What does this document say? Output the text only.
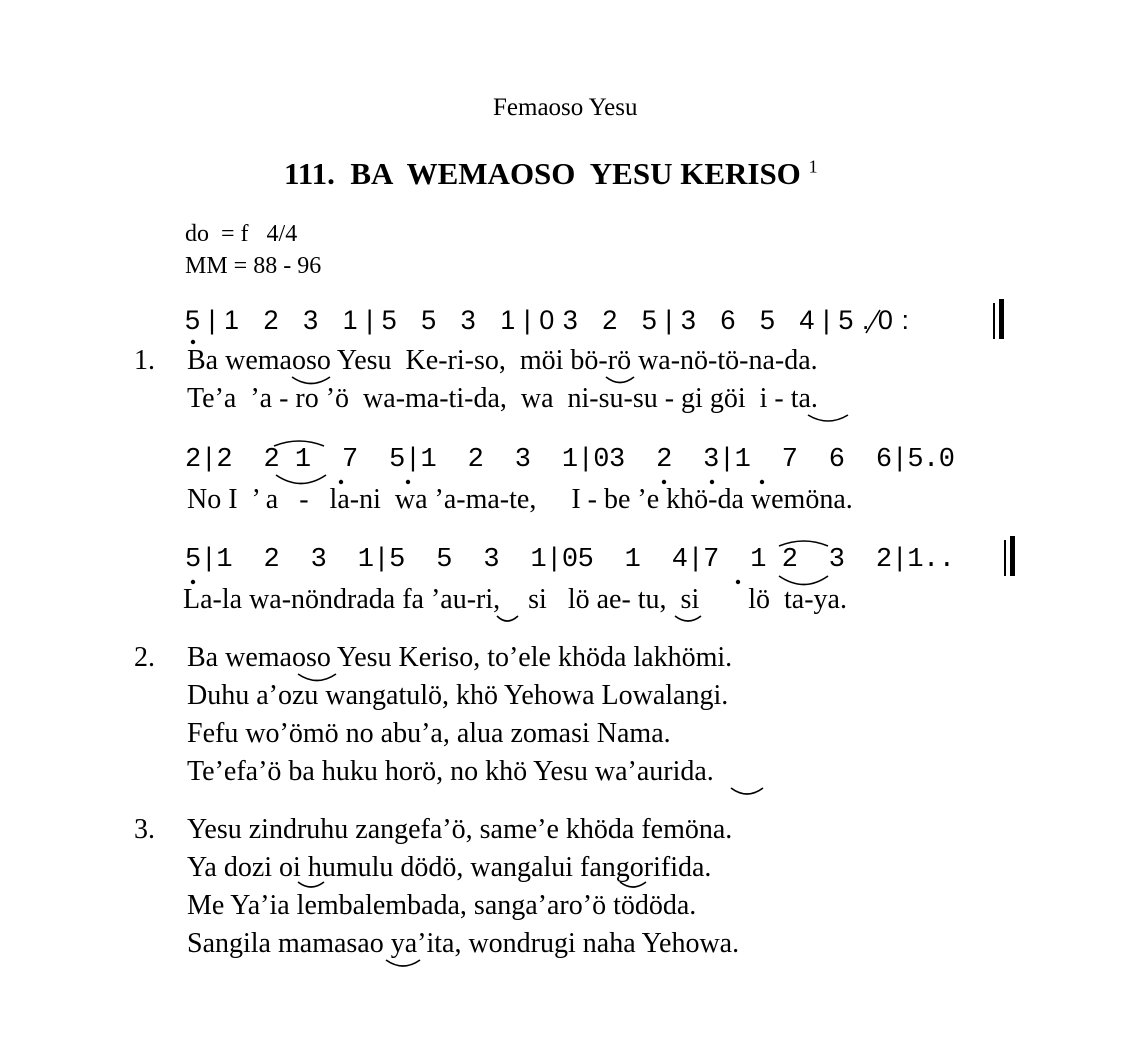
Femaoso Yesu
111.  BA  WEMAOSO  YESU KERISO $^1$
do  = f   4/4
MM = 88 - 96
5 | 1   2   3   1 | 5   5   3   1 | 0 3   2   5 | 3   6   5   4 | 5 . 0 :
1. Ba wemaoso Yesu  Ke-ri-so,  möi bö-rö wa-nö-tö-na-da.
Te’a  ’a - ro ’ö  wa-ma-ti-da,  wa  ni-su-su - gi göi  i - ta.
2|2  2 1  7  5|1  2  3  1|03  2  3|1  7  6  6|5.0
No I  ’ a   -   la-ni  wa ’a-ma-te,     I - be ’e khö-da wemöna.
5|1  2  3  1|5  5  3  1|05  1  4|7  1 2  3  2|1..
La-la wa-nöndrada fa ’au-ri,    si   lö ae- tu,  si       lö  ta-ya.
2. Ba wemaoso Yesu Keriso, to’ele khöda lakhömi.
Duhu a’ozu wangatulö, khö Yehowa Lowalangi.
Fefu wo’ömö no abu’a, alua zomasi Nama.
Te’efa’ö ba huku horö, no khö Yesu wa’aurida.
3. Yesu zindruhu zangefa’ö, same’e khöda femöna.
Ya dozi oi humulu dödö, wangalui fangorifida.
Me Ya’ia lembalembada, sanga’aro’ö tödöda.
Sangila mamasao ya’ita, wondrugi naha Yehowa.
